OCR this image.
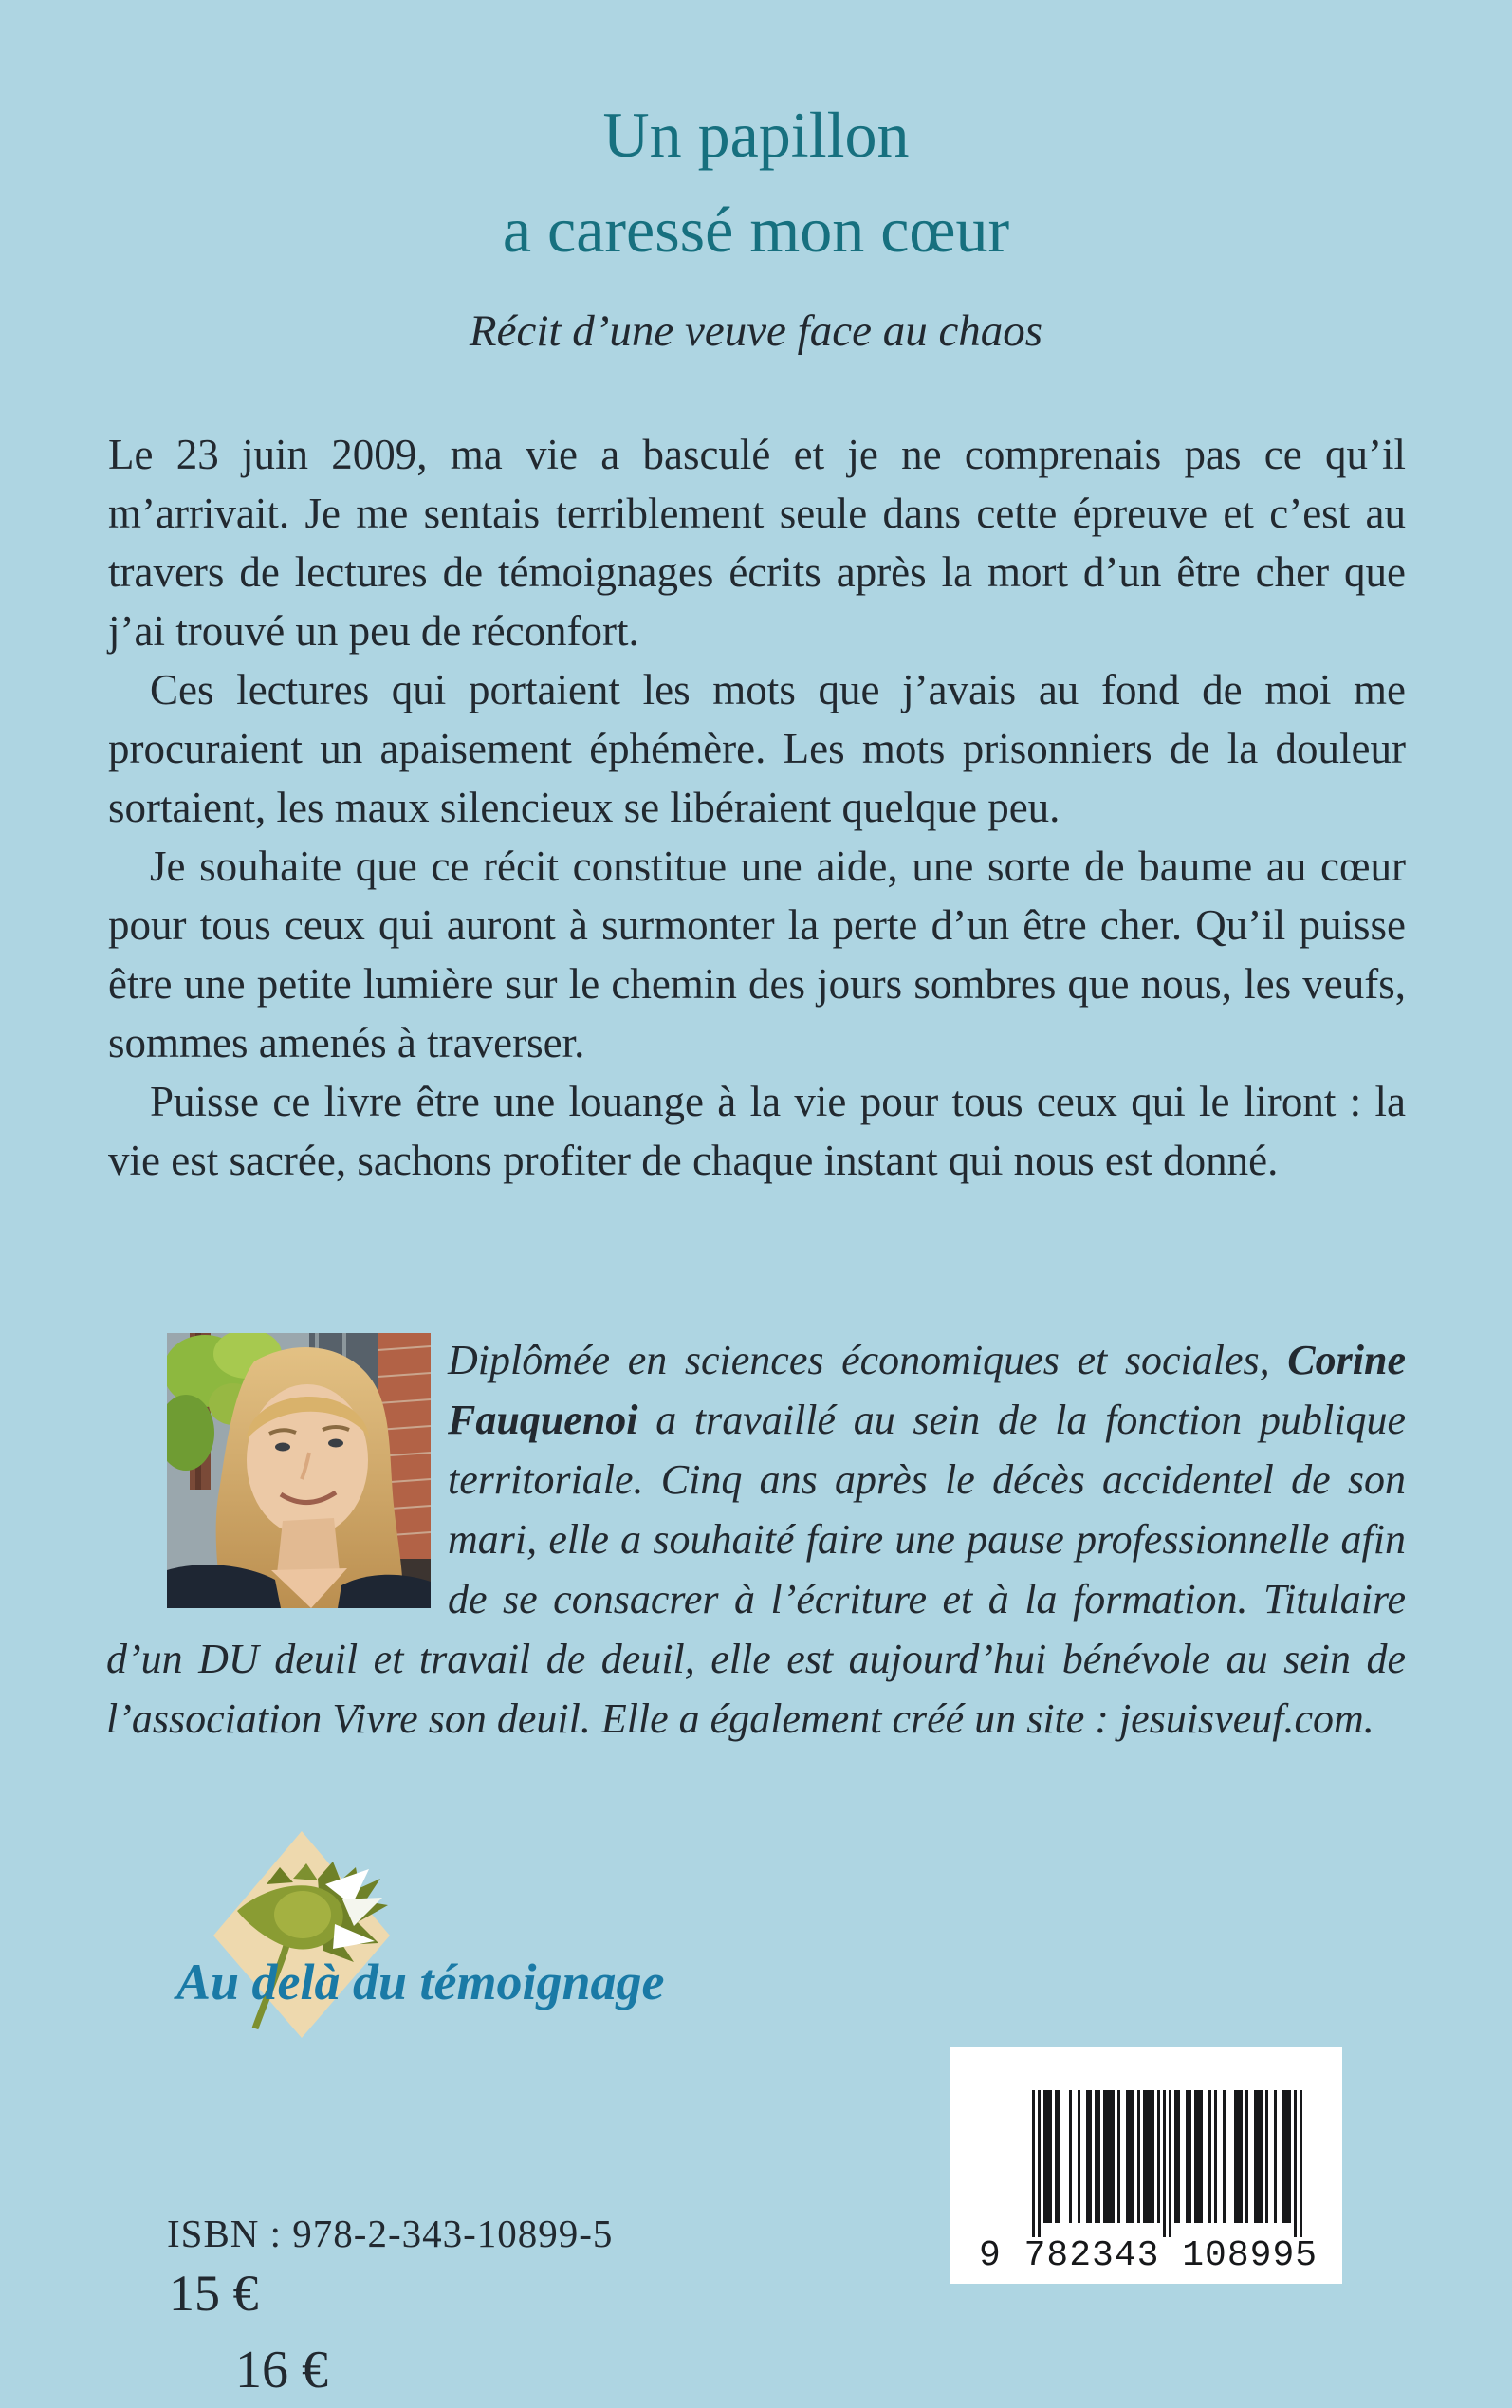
Un papillon
a caressé mon cœur
Récit d’une veuve face au chaos

Le 23 juin 2009, ma vie a basculé et je ne comprenais pas ce qu’il m’arrivait. Je me sentais terriblement seule dans cette épreuve et c’est au travers de lectures de témoignages écrits après la mort d’un être cher que j’ai trouvé un peu de réconfort.

Ces lectures qui portaient les mots que j’avais au fond de moi me procuraient un apaisement éphémère. Les mots prisonniers de la douleur sortaient, les maux silencieux se libéraient quelque peu.

Je souhaite que ce récit constitue une aide, une sorte de baume au cœur pour tous ceux qui auront à surmonter la perte d’un être cher. Qu’il puisse être une petite lumière sur le chemin des jours sombres que nous, les veufs, sommes amenés à traverser.

Puisse ce livre être une louange à la vie pour tous ceux qui le liront : la vie est sacrée, sachons profiter de chaque instant qui nous est donné.

Diplômée en sciences économiques et sociales, Corine Fauquenoi a travaillé au sein de la fonction publique territoriale. Cinq ans après le décès accidentel de son mari, elle a souhaité faire une pause professionnelle afin de se consacrer à l’écriture et à la formation. Titulaire d’un DU deuil et travail de deuil, elle est aujourd’hui bénévole au sein de l’association Vivre son deuil. Elle a également créé un site : jesuisveuf.com.

Au delà du témoignage
ISBN : 978-2-343-10899-5
15 €
16 €
9 782343 108995
